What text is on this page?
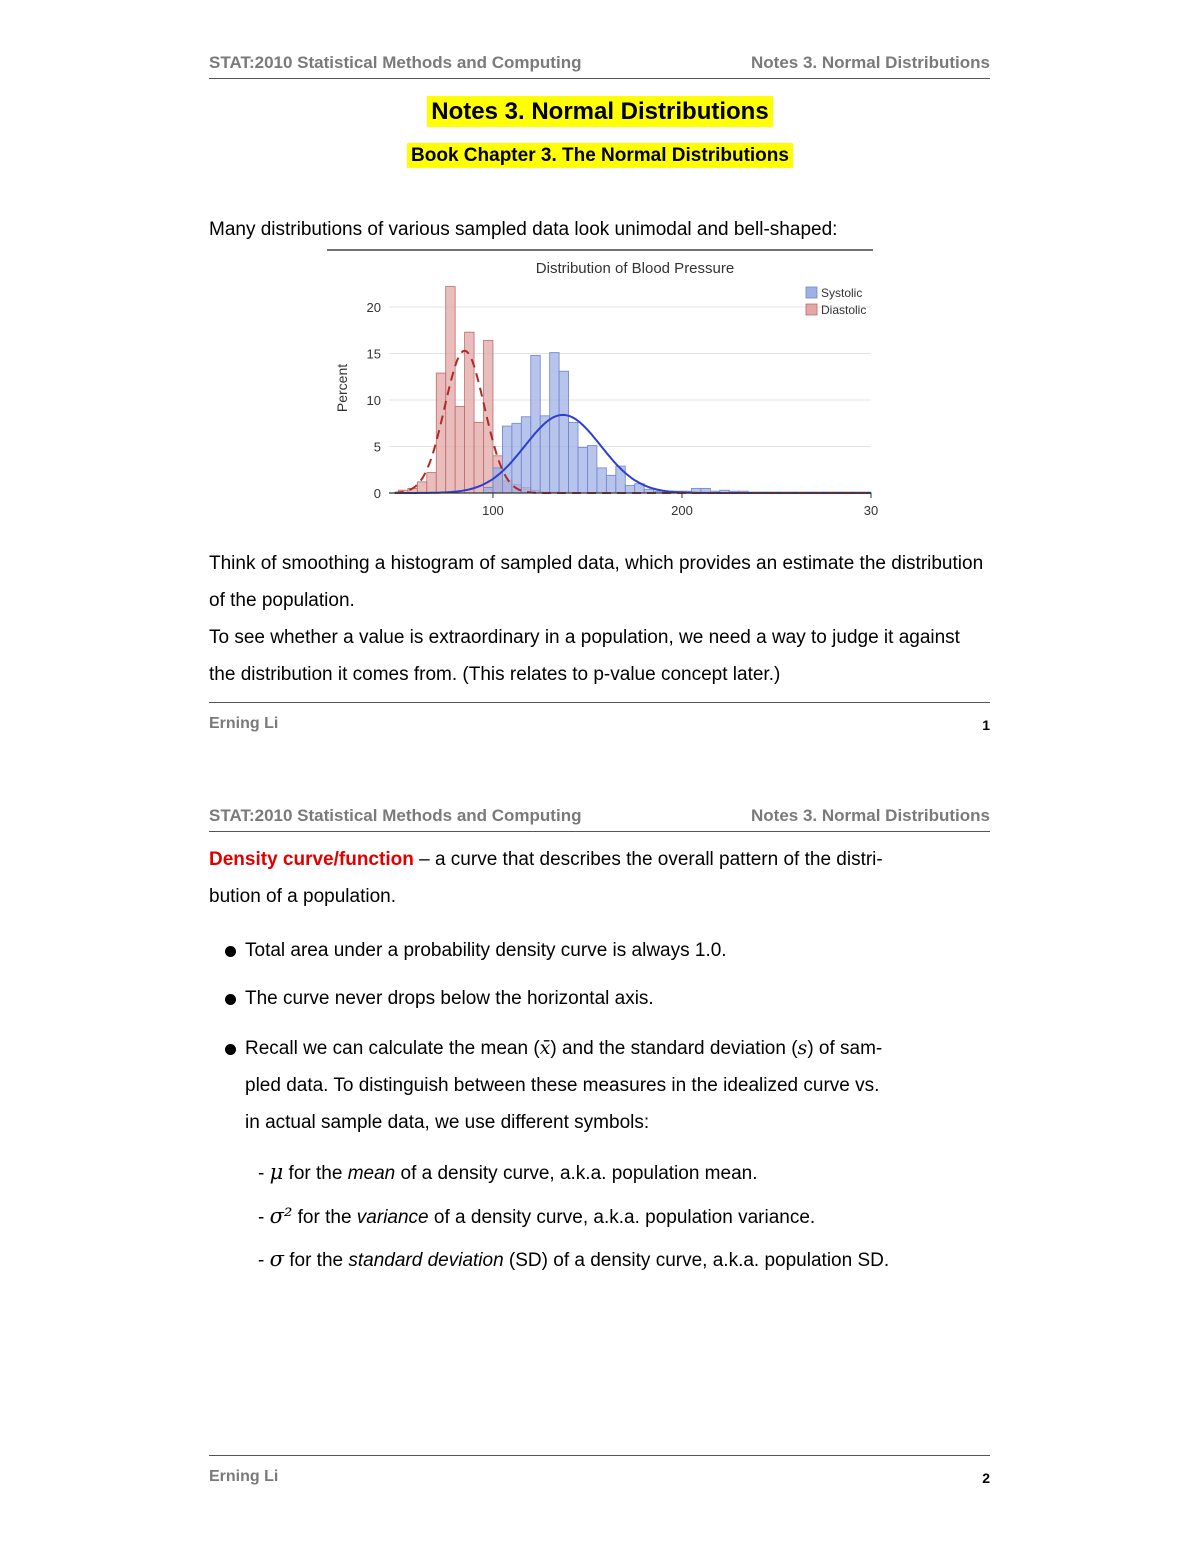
STAT:2010 Statistical Methods and Computing	Notes 3. Normal Distributions
Notes 3. Normal Distributions
Book Chapter 3. The Normal Distributions
Many distributions of various sampled data look unimodal and bell-shaped:
Distribution of Blood Pressure
Percent
0
5
10
15
20
100	200	30
Systolic
Diastolic
Think of smoothing a histogram of sampled data, which provides an estimate the distribution of the population.
To see whether a value is extraordinary in a population, we need a way to judge it against the distribution it comes from. (This relates to p-value concept later.)
Erning Li	1
STAT:2010 Statistical Methods and Computing	Notes 3. Normal Distributions
Density curve/function – a curve that describes the overall pattern of the distri-
bution of a population.
Total area under a probability density curve is always 1.0.
The curve never drops below the horizontal axis.
Recall we can calculate the mean (x̄) and the standard deviation (s) of sam-
pled data. To distinguish between these measures in the idealized curve vs.
in actual sample data, we use different symbols:
- μ for the mean of a density curve, a.k.a. population mean.
- σ² for the variance of a density curve, a.k.a. population variance.
- σ for the standard deviation (SD) of a density curve, a.k.a. population SD.
Erning Li	2
